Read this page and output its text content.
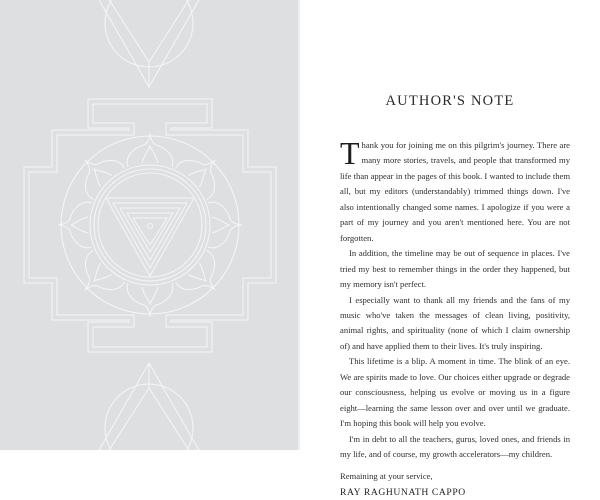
AUTHOR'S NOTE

Thank you for joining me on this pilgrim's journey. There are many more stories, travels, and people that transformed my life than appear in the pages of this book. I wanted to include them all, but my editors (understandably) trimmed things down. I've also intentionally changed some names. I apologize if you were a part of my journey and you aren't mentioned here. You are not forgotten.

In addition, the timeline may be out of sequence in places. I've tried my best to remember things in the order they happened, but my memory isn't perfect.

I especially want to thank all my friends and the fans of my music who've taken the messages of clean living, positivity, animal rights, and spirituality (none of which I claim ownership of) and have applied them to their lives. It's truly inspiring.

This lifetime is a blip. A moment in time. The blink of an eye. We are spirits made to love. Our choices either upgrade or degrade our consciousness, helping us evolve or moving us in a figure eight—learning the same lesson over and over until we graduate. I'm hoping this book will help you evolve.

I'm in debt to all the teachers, gurus, loved ones, and friends in my life, and of course, my growth accelerators—my children.

Remaining at your service,

RAY RAGHUNATH CAPPO
